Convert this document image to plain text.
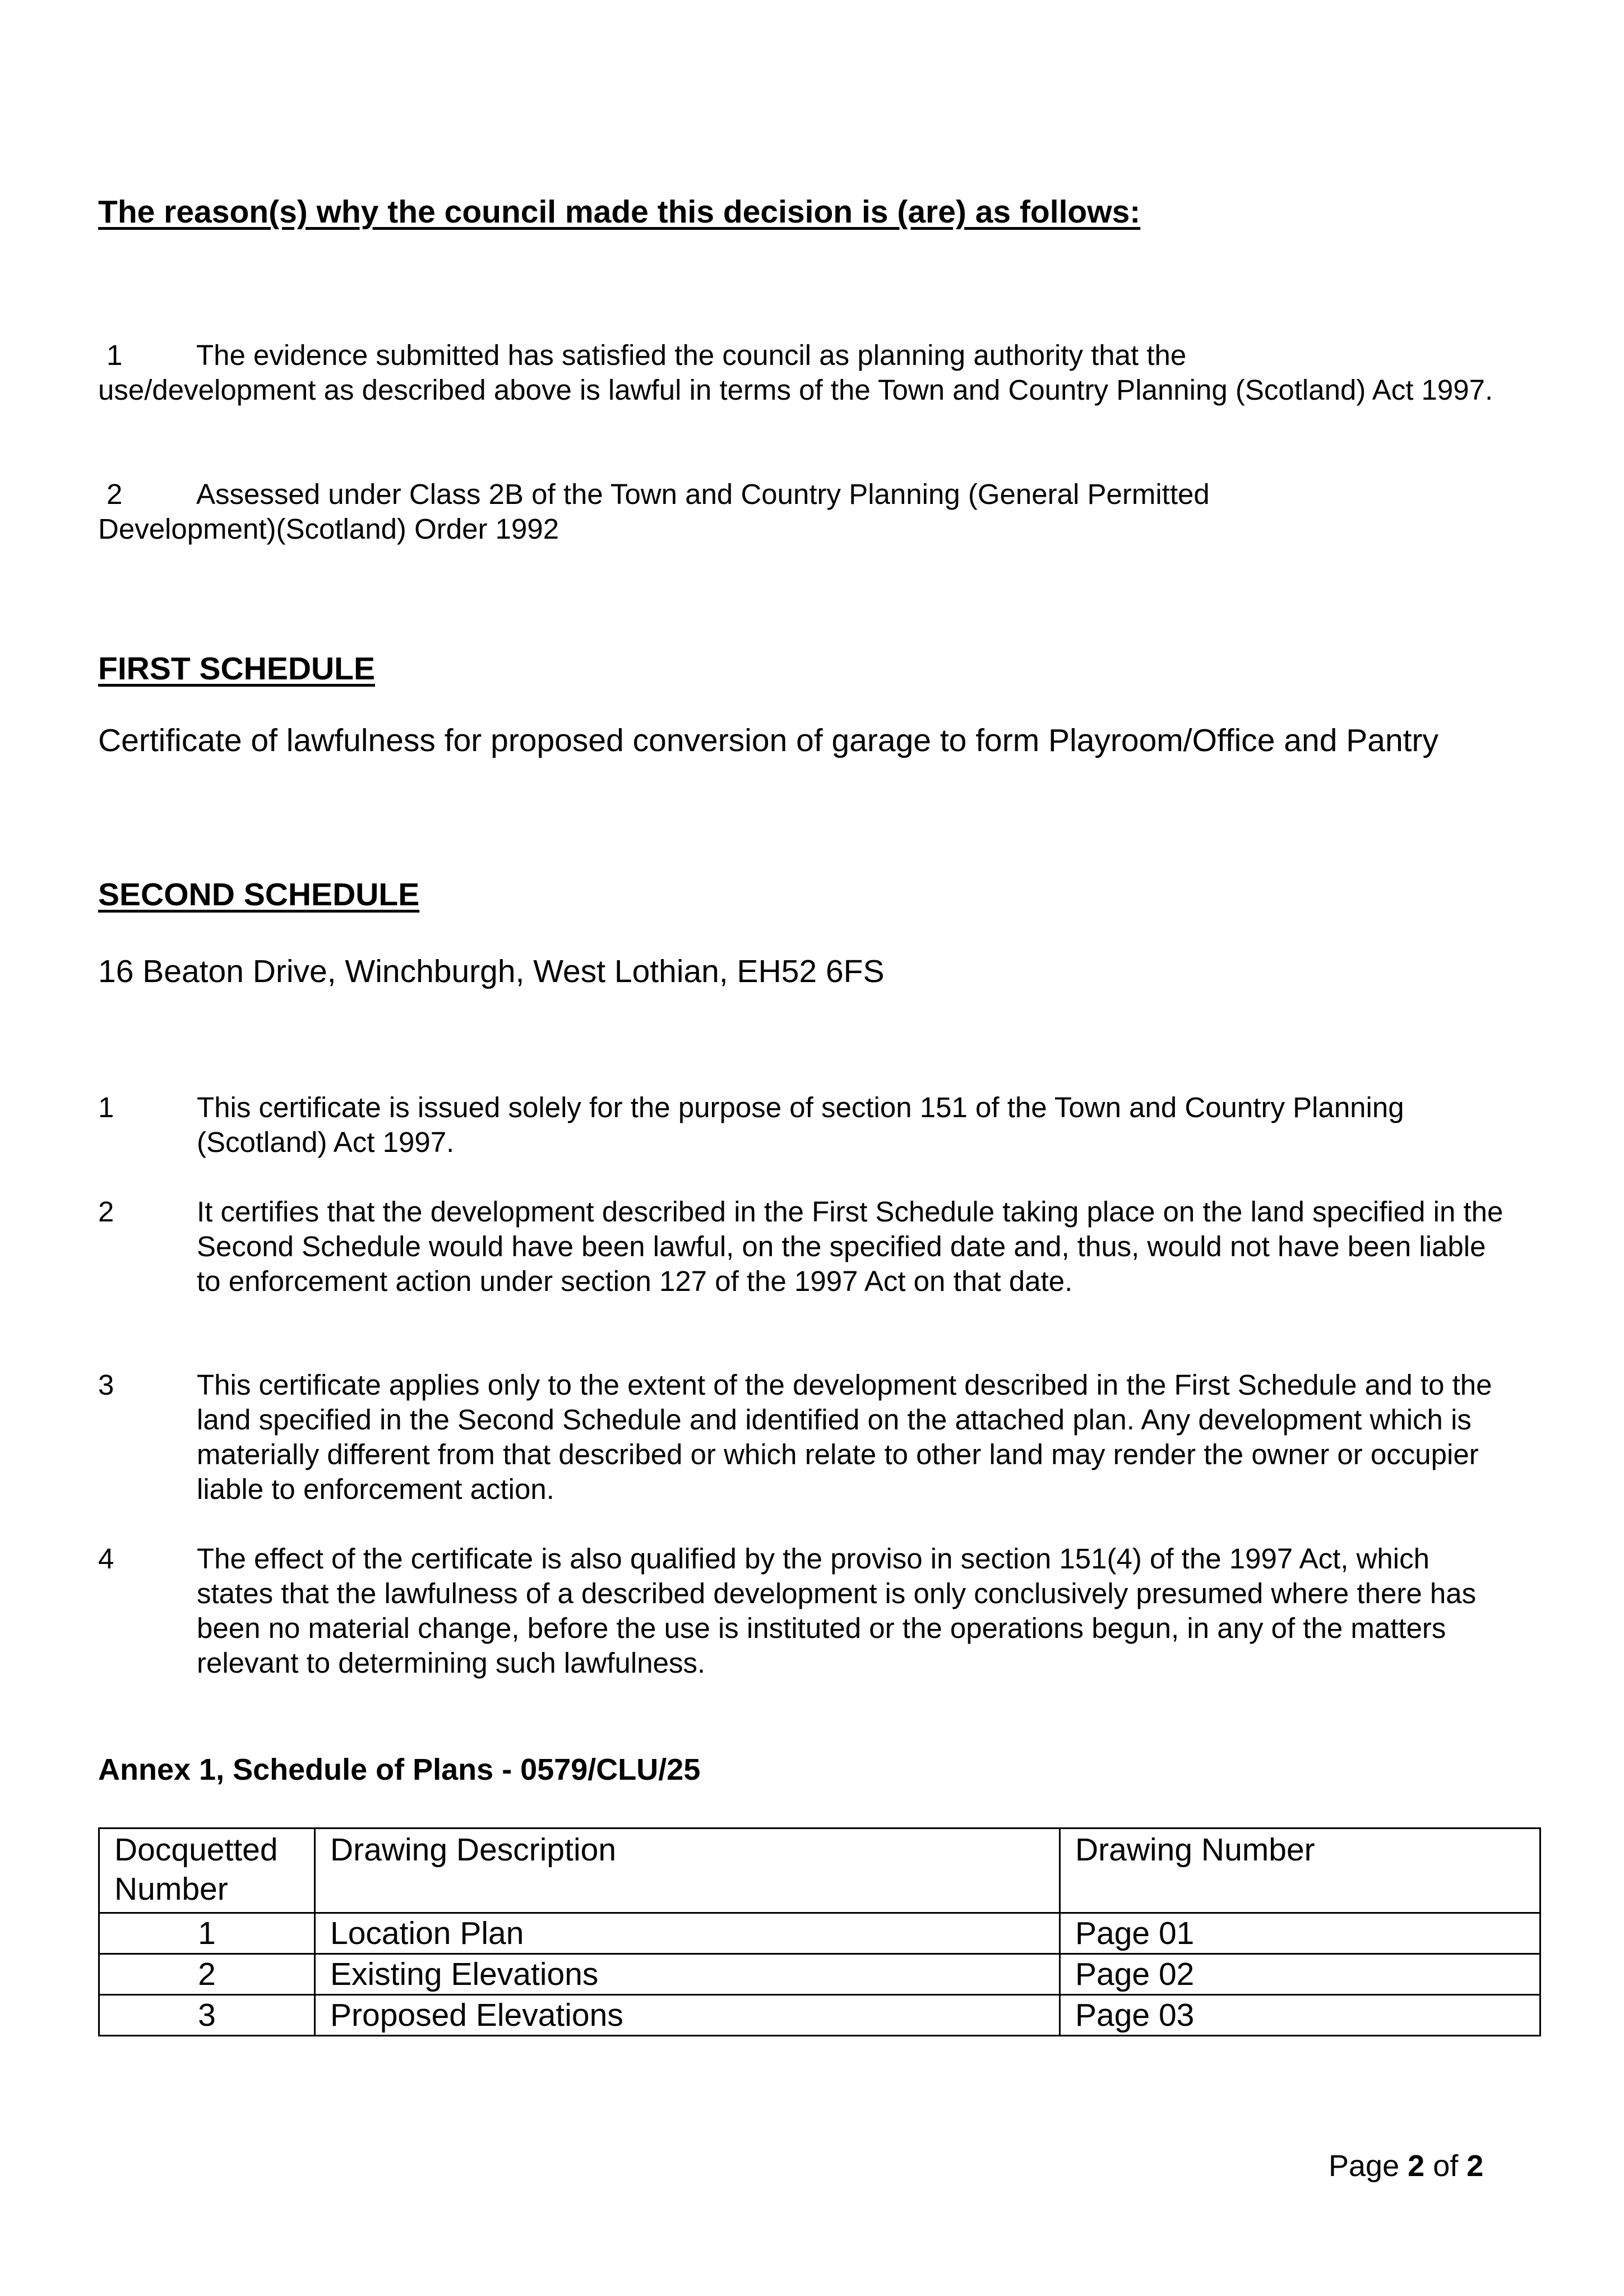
The reason(s) why the council made this decision is (are) as follows:
1	The evidence submitted has satisfied the council as planning authority that the
use/development as described above is lawful in terms of the Town and Country Planning (Scotland) Act 1997.
2	Assessed under Class 2B of the Town and Country Planning (General Permitted
Development)(Scotland) Order 1992
FIRST SCHEDULE
Certificate of lawfulness for proposed conversion of garage to form Playroom/Office and Pantry
SECOND SCHEDULE
16 Beaton Drive, Winchburgh, West Lothian, EH52 6FS
1	This certificate is issued solely for the purpose of section 151 of the Town and Country Planning (Scotland) Act 1997.
2	It certifies that the development described in the First Schedule taking place on the land specified in the Second Schedule would have been lawful, on the specified date and, thus, would not have been liable to enforcement action under section 127 of the 1997 Act on that date.
3	This certificate applies only to the extent of the development described in the First Schedule and to the land specified in the Second Schedule and identified on the attached plan. Any development which is materially different from that described or which relate to other land may render the owner or occupier liable to enforcement action.
4	The effect of the certificate is also qualified by the proviso in section 151(4) of the 1997 Act, which states that the lawfulness of a described development is only conclusively presumed where there has been no material change, before the use is instituted or the operations begun, in any of the matters relevant to determining such lawfulness.
Annex 1, Schedule of Plans - 0579/CLU/25
Docquetted Number	Drawing Description	Drawing Number
1	Location Plan	Page 01
2	Existing Elevations	Page 02
3	Proposed Elevations	Page 03
Page 2 of 2
